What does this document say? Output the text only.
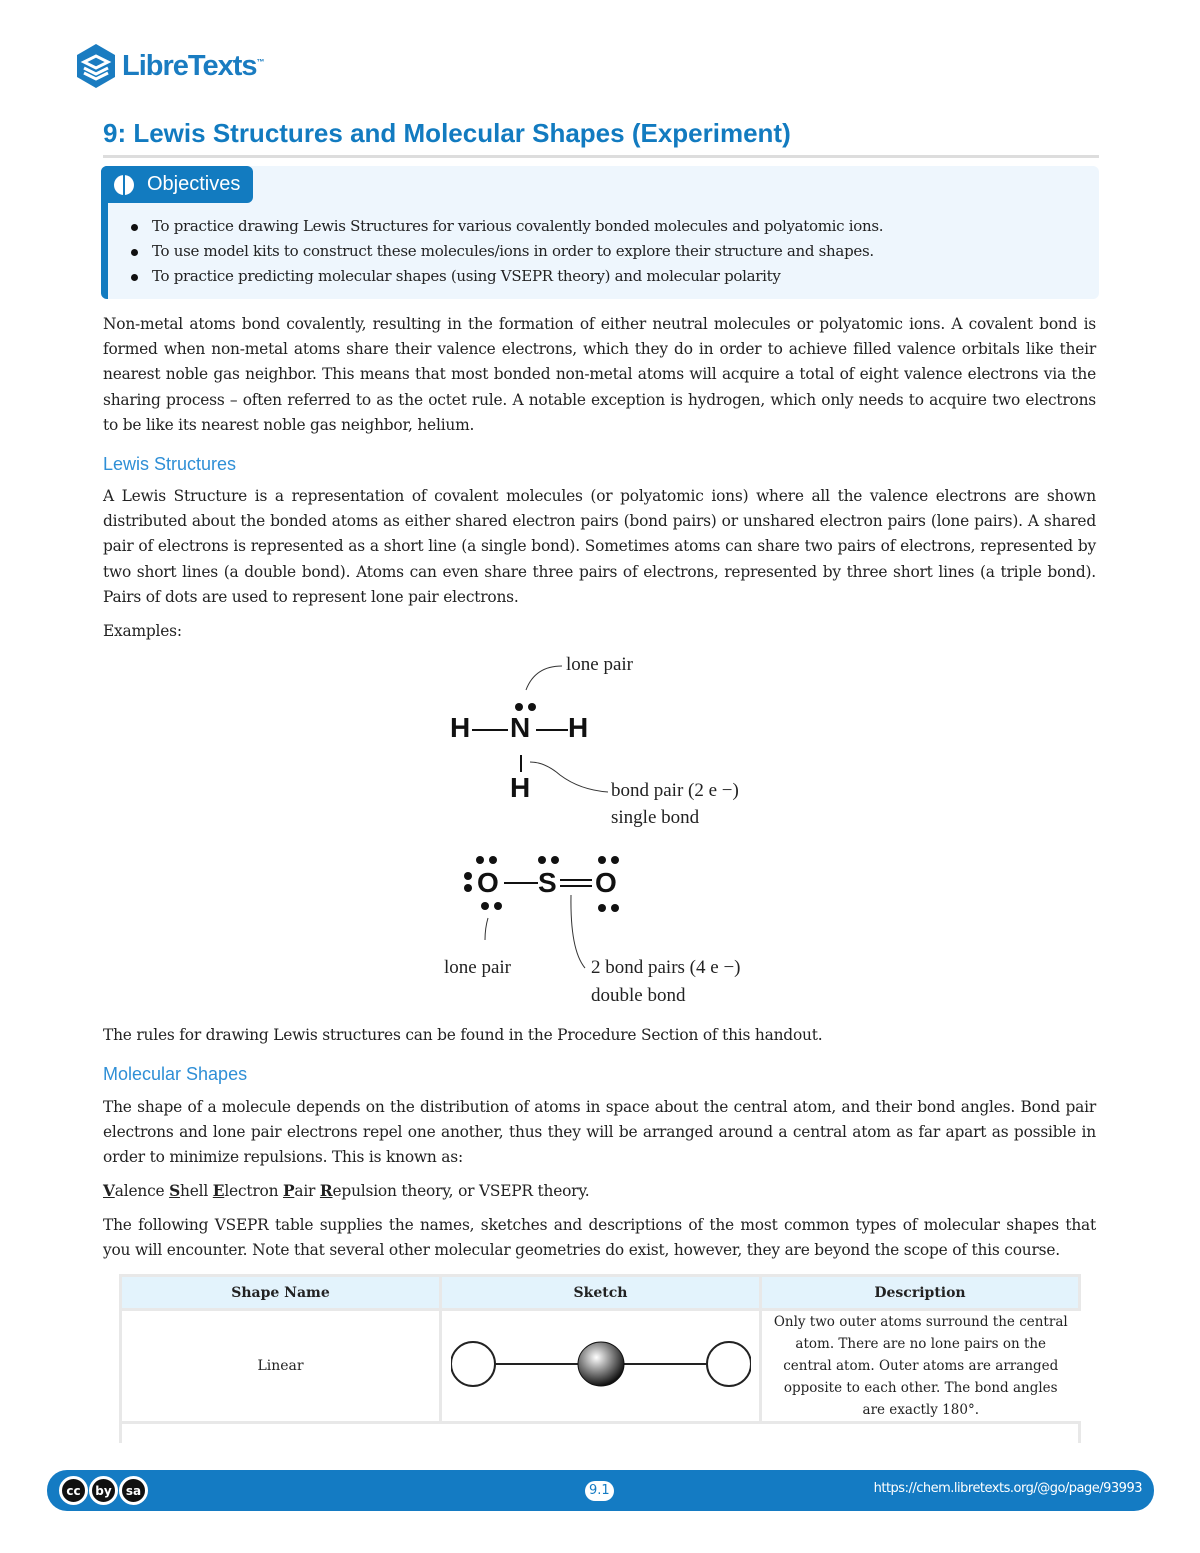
LibreTexts™
9: Lewis Structures and Molecular Shapes (Experiment)
To practice drawing Lewis Structures for various covalently bonded molecules and polyatomic ions.
To use model kits to construct these molecules/ions in order to explore their structure and shapes.
To practice predicting molecular shapes (using VSEPR theory) and molecular polarity
Objectives

Non-metal atoms bond covalently, resulting in the formation of either neutral molecules or polyatomic ions. A covalent bond is formed when non-metal atoms share their valence electrons, which they do in order to achieve filled valence orbitals like their nearest noble gas neighbor. This means that most bonded non-metal atoms will acquire a total of eight valence electrons via the sharing process – often referred to as the octet rule. A notable exception is hydrogen, which only needs to acquire two electrons to be like its nearest noble gas neighbor, helium.

Lewis Structures

A Lewis Structure is a representation of covalent molecules (or polyatomic ions) where all the valence electrons are shown distributed about the bonded atoms as either shared electron pairs (bond pairs) or unshared electron pairs (lone pairs). A shared pair of electrons is represented as a short line (a single bond). Sometimes atoms can share two pairs of electrons, represented by two short lines (a double bond). Atoms can even share three pairs of electrons, represented by three short lines (a triple bond). Pairs of dots are used to represent lone pair electrons.

Examples:

H N H
H
O S O
lone pair
bond pair (2 e −)
single bond
lone pair	2 bond pairs (4 e −)
double bond

The rules for drawing Lewis structures can be found in the Procedure Section of this handout.

Molecular Shapes

The shape of a molecule depends on the distribution of atoms in space about the central atom, and their bond angles. Bond pair electrons and lone pair electrons repel one another, thus they will be arranged around a central atom as far apart as possible in order to minimize repulsions. This is known as:

Valence Shell Electron Pair Repulsion theory, or VSEPR theory.

The following VSEPR table supplies the names, sketches and descriptions of the most common types of molecular shapes that you will encounter. Note that several other molecular geometries do exist, however, they are beyond the scope of this course.

Shape Name	Sketch	Description
Linear		Only two outer atoms surround the central atom. There are no lone pairs on the central atom. Outer atoms are arranged opposite to each other. The bond angles are exactly 180°.

cc	by	sa	9.1	https://chem.libretexts.org/@go/page/93993
